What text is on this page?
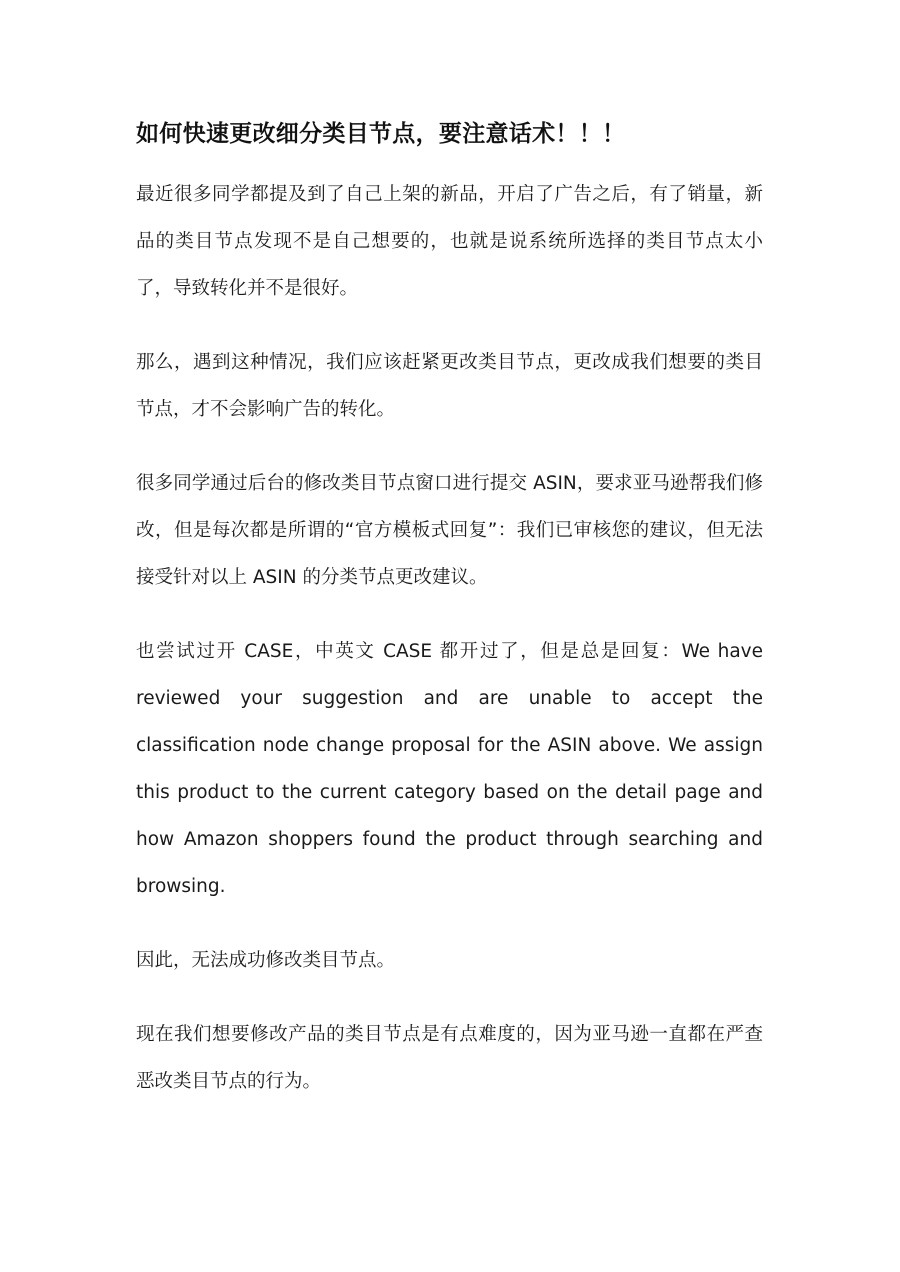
如何快速更改细分类目节点，要注意话术！！！

最近很多同学都提及到了自己上架的新品，开启了广告之后，有了销量，新品的类目节点发现不是自己想要的，也就是说系统所选择的类目节点太小了，导致转化并不是很好。

那么，遇到这种情况，我们应该赶紧更改类目节点，更改成我们想要的类目节点，才不会影响广告的转化。

很多同学通过后台的修改类目节点窗口进行提交 ASIN，要求亚马逊帮我们修改，但是每次都是所谓的“官方模板式回复”：我们已审核您的建议，但无法接受针对以上 ASIN 的分类节点更改建议。

也尝试过开 CASE，中英文 CASE 都开过了，但是总是回复：We have reviewed your suggestion and are unable to accept the classification node change proposal for the ASIN above. We assign this product to the current category based on the detail page and how Amazon shoppers found the product through searching and browsing.

因此，无法成功修改类目节点。

现在我们想要修改产品的类目节点是有点难度的，因为亚马逊一直都在严查恶改类目节点的行为。
